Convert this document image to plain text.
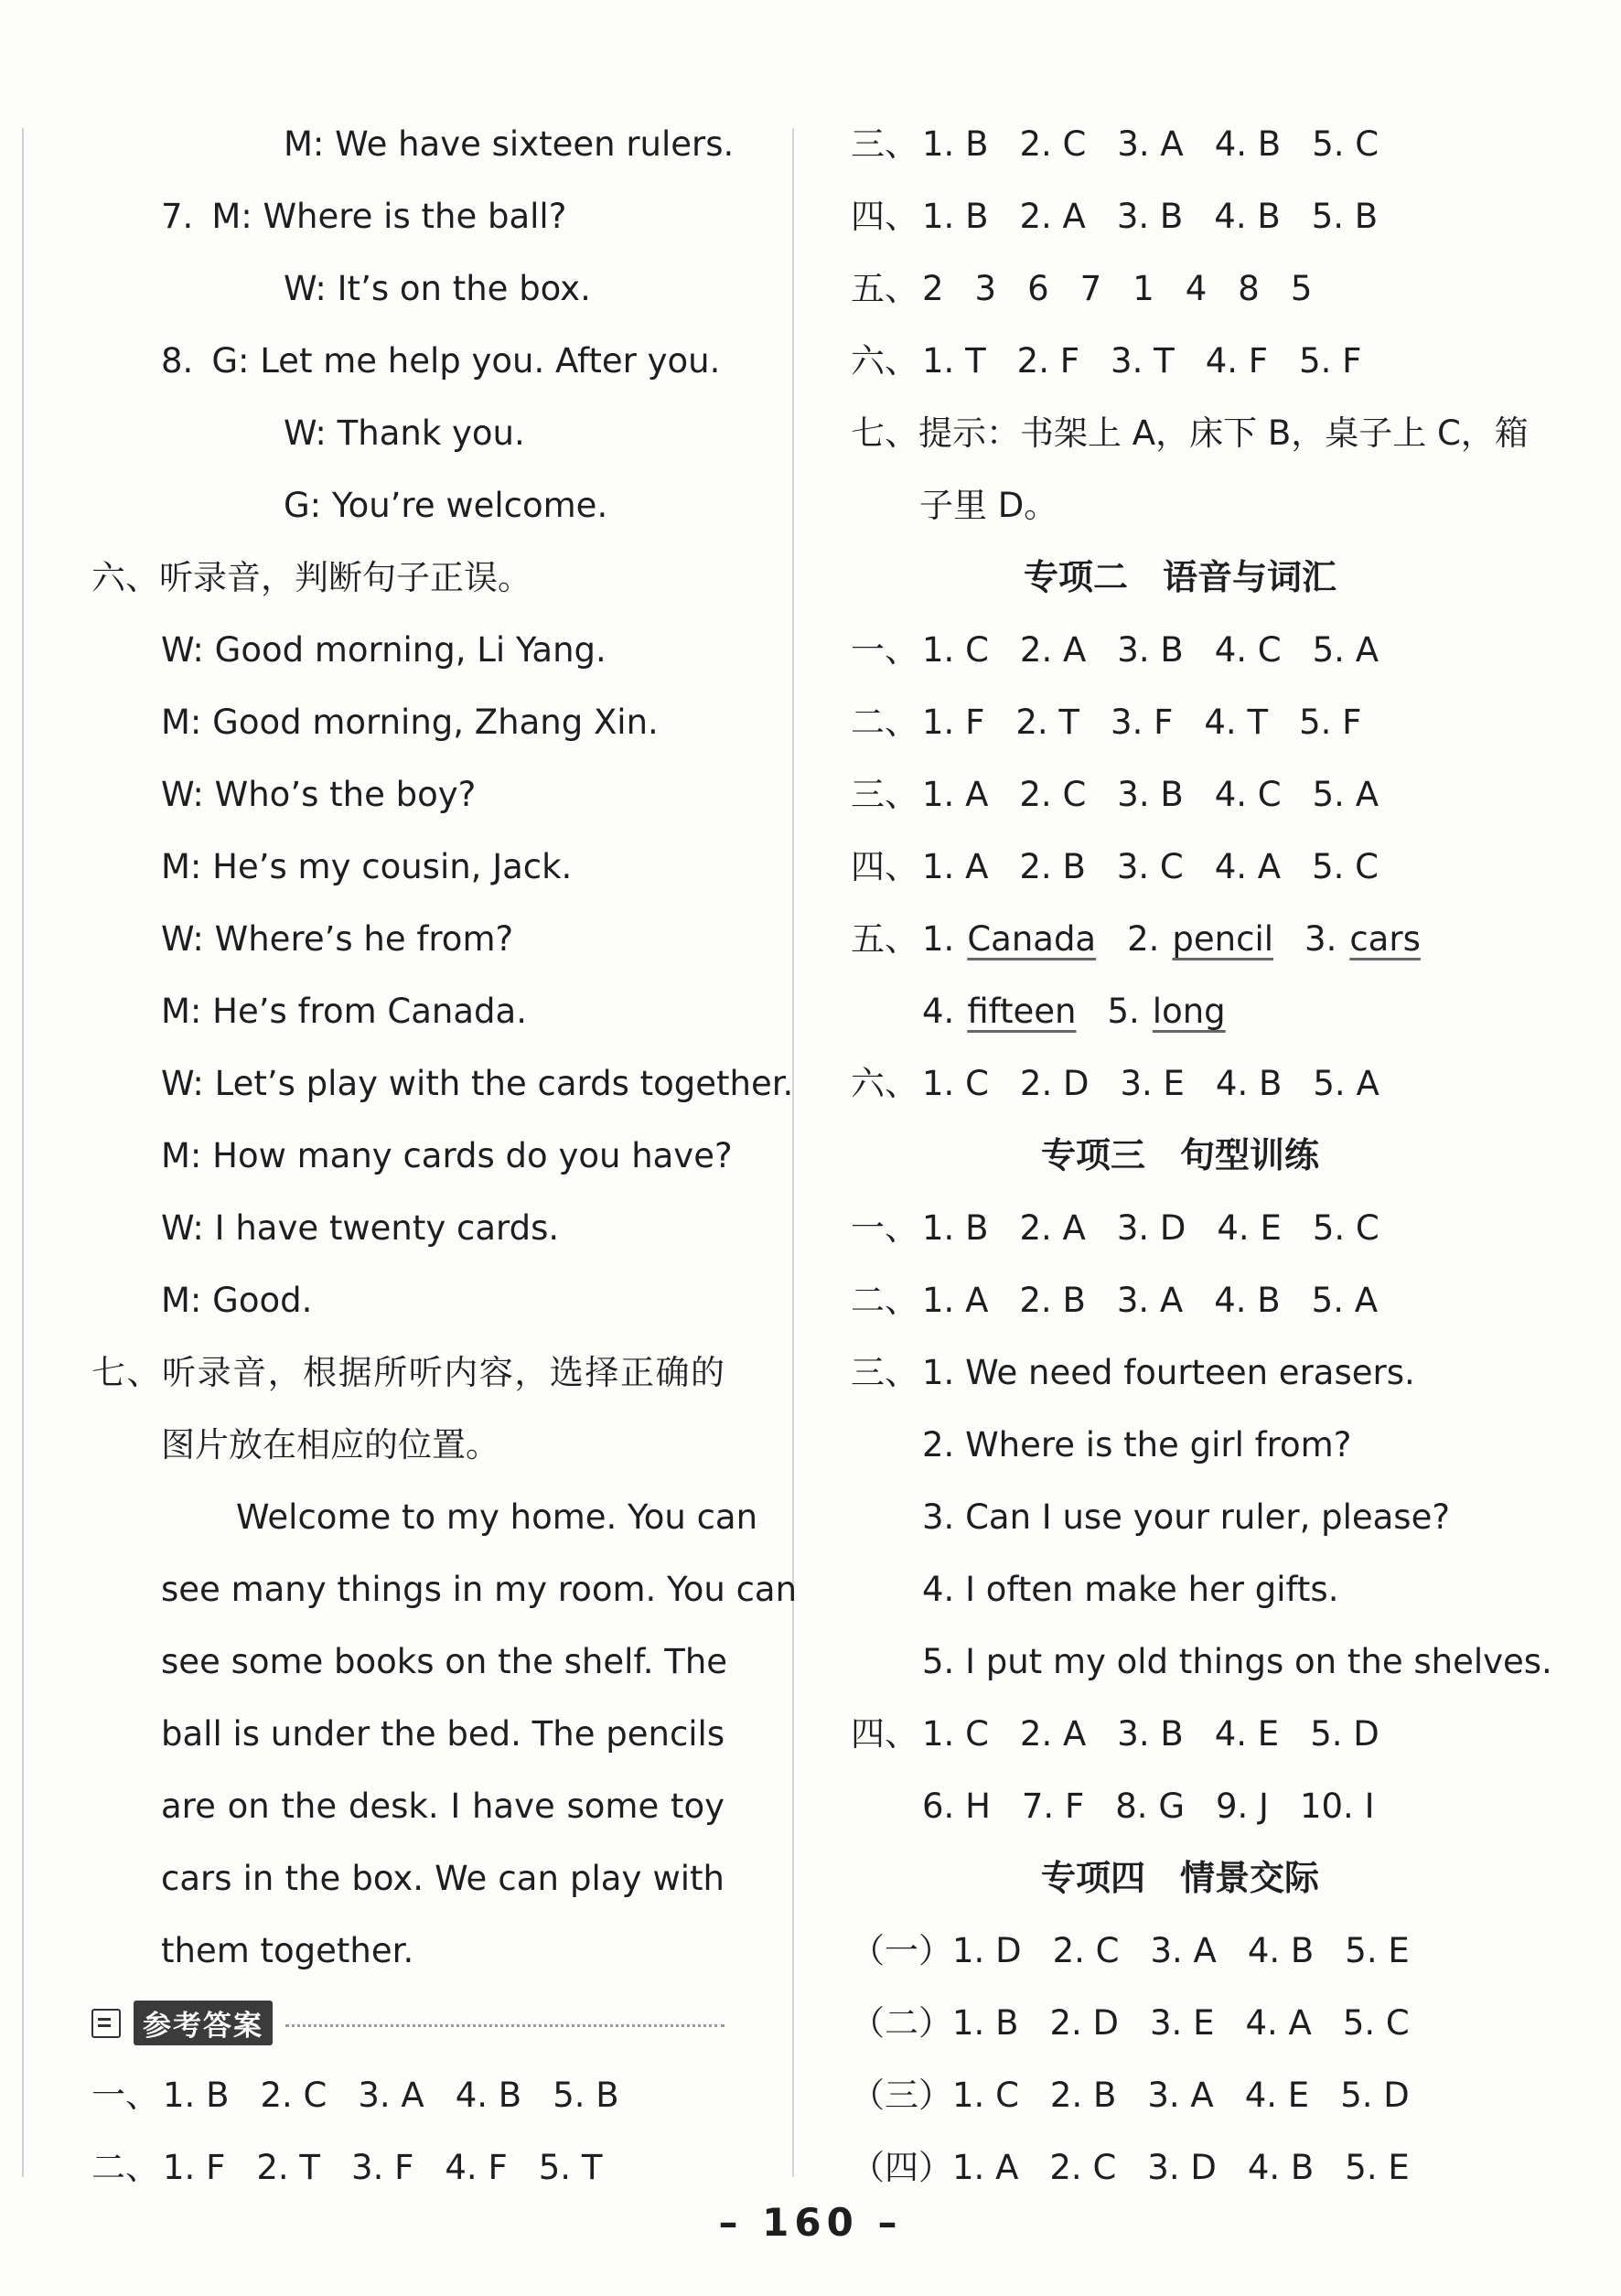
M: We have sixteen rulers.
7. M: Where is the ball?
W: It’s on the box.
8. G: Let me help you. After you.
W: Thank you.
G: You’re welcome.
六、听录音，判断句子正误。
W: Good morning, Li Yang.
M: Good morning, Zhang Xin.
W: Who’s the boy?
M: He’s my cousin, Jack.
W: Where’s he from?
M: He’s from Canada.
W: Let’s play with the cards together.
M: How many cards do you have?
W: I have twenty cards.
M: Good.
七、听录音，根据所听内容，选择正确的
图片放在相应的位置。
Welcome to my home. You can
see many things in my room. You can
see some books on the shelf. The
ball is under the bed. The pencils
are on the desk. I have some toy
cars in the box. We can play with
them together.
参考答案
一、 1. B 2. C 3. A 4. B 5. B
二、 1. F 2. T 3. F 4. F 5. T
三、 1. B 2. C 3. A 4. B 5. C
四、 1. B 2. A 3. B 4. B 5. B
五、 2 3 6 7 1 4 8 5
六、 1. T 2. F 3. T 4. F 5. F
七、提示：书架上 A，床下 B，桌子上 C，箱
子里 D。
专项二　语音与词汇
一、 1. C 2. A 3. B 4. C 5. A
二、 1. F 2. T 3. F 4. T 5. F
三、 1. A 2. C 3. B 4. C 5. A
四、 1. A 2. B 3. C 4. A 5. C
五、 1. Canada 2. pencil 3. cars
4. fifteen 5. long
六、 1. C 2. D 3. E 4. B 5. A
专项三　句型训练
一、 1. B 2. A 3. D 4. E 5. C
二、 1. A 2. B 3. A 4. B 5. A
三、 1. We need fourteen erasers.
2. Where is the girl from?
3. Can I use your ruler, please?
4. I often make her gifts.
5. I put my old things on the shelves.
四、 1. C 2. A 3. B 4. E 5. D
6. H 7. F 8. G 9. J 10. I
专项四　情景交际
（一） 1. D 2. C 3. A 4. B 5. E
（二） 1. B 2. D 3. E 4. A 5. C
（三） 1. C 2. B 3. A 4. E 5. D
（四） 1. A 2. C 3. D 4. B 5. E
– 160 –
